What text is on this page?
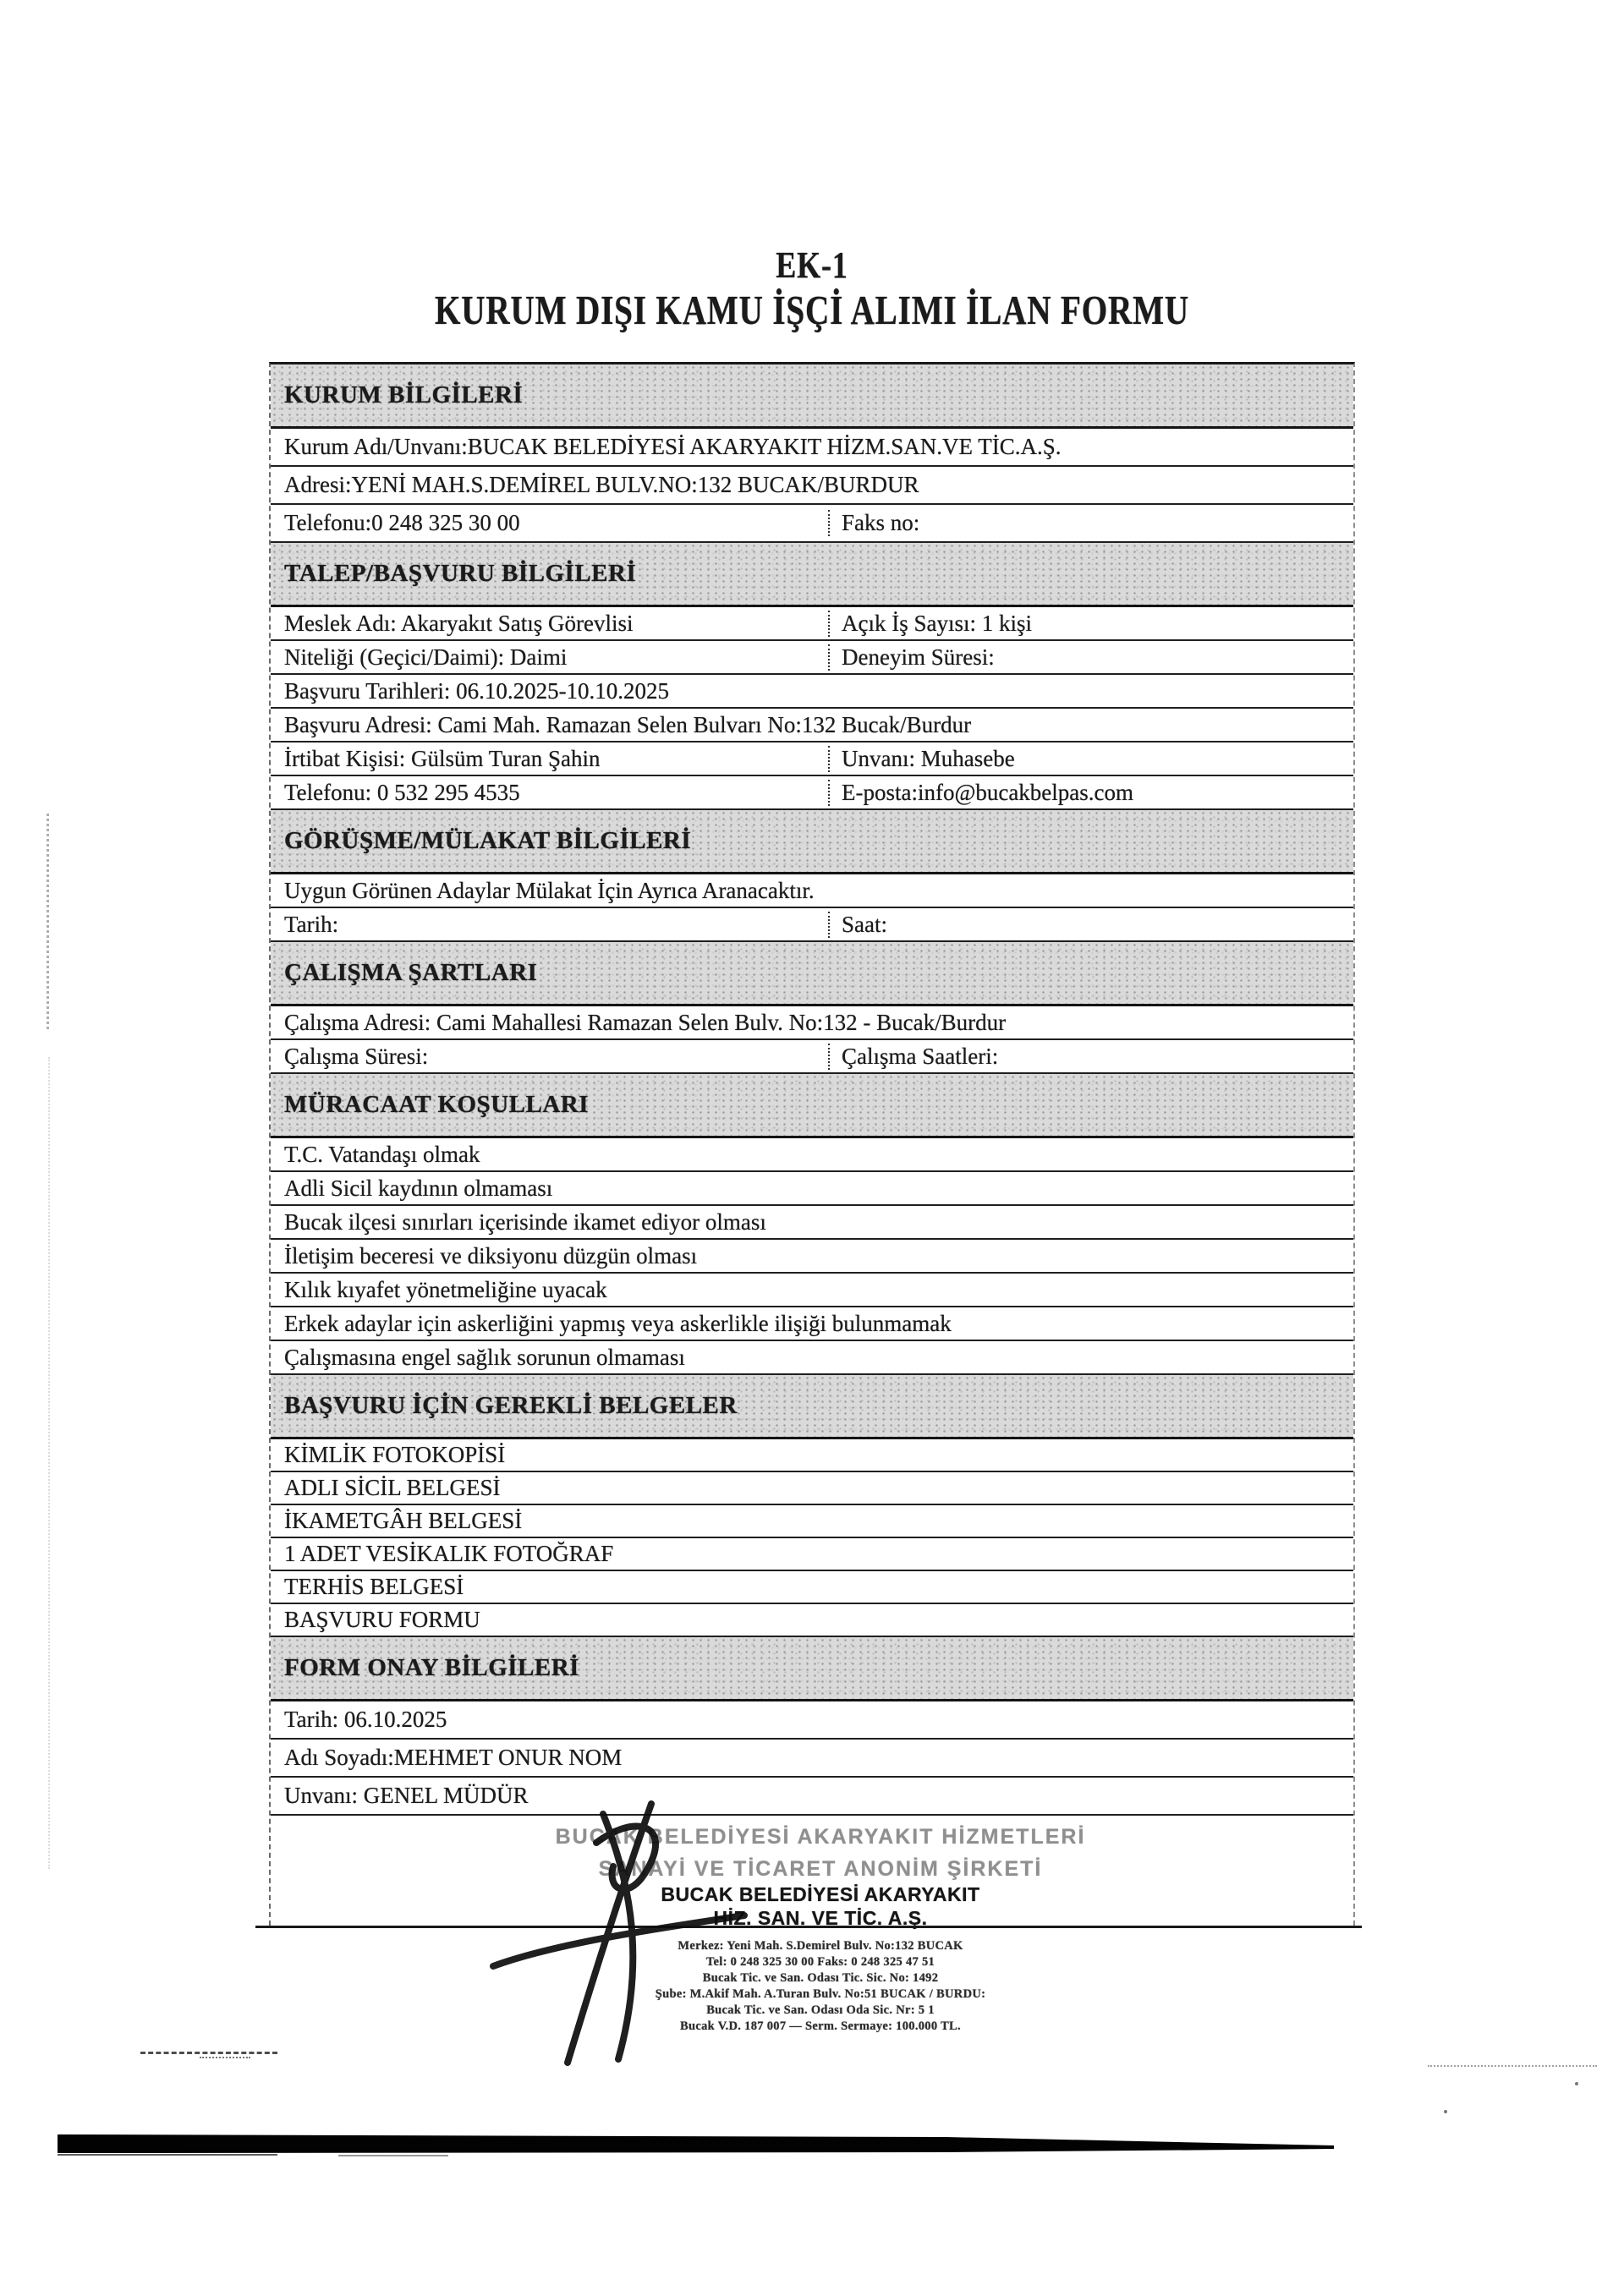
EK-1
KURUM DIŞI KAMU İŞÇİ ALIMI İLAN FORMU
KURUM BİLGİLERİ
Kurum Adı/Unvanı:BUCAK BELEDİYESİ AKARYAKIT HİZM.SAN.VE TİC.A.Ş.
Adresi:YENİ MAH.S.DEMİREL BULV.NO:132 BUCAK/BURDUR
Telefonu:0 248 325 30 00	Faks no:
TALEP/BAŞVURU BİLGİLERİ
Meslek Adı: Akaryakıt Satış Görevlisi	Açık İş Sayısı: 1 kişi
Niteliği (Geçici/Daimi): Daimi	Deneyim Süresi:
Başvuru Tarihleri: 06.10.2025-10.10.2025
Başvuru Adresi: Cami Mah. Ramazan Selen Bulvarı No:132 Bucak/Burdur
İrtibat Kişisi: Gülsüm Turan Şahin	Unvanı: Muhasebe
Telefonu: 0 532 295 4535	E-posta:info@bucakbelpas.com
GÖRÜŞME/MÜLAKAT BİLGİLERİ
Uygun Görünen Adaylar Mülakat İçin Ayrıca Aranacaktır.
Tarih:	Saat:
ÇALIŞMA ŞARTLARI
Çalışma Adresi: Cami Mahallesi Ramazan Selen Bulv. No:132 - Bucak/Burdur
Çalışma Süresi:	Çalışma Saatleri:
MÜRACAAT KOŞULLARI
T.C. Vatandaşı olmak
Adli Sicil kaydının olmaması
Bucak ilçesi sınırları içerisinde ikamet ediyor olması
İletişim beceresi ve diksiyonu düzgün olması
Kılık kıyafet yönetmeliğine uyacak
Erkek adaylar için askerliğini yapmış veya askerlikle ilişiği bulunmamak
Çalışmasına engel sağlık sorunun olmaması
BAŞVURU İÇİN GEREKLİ BELGELER
KİMLİK FOTOKOPİSİ
ADLI SİCİL BELGESİ
İKAMETGÂH BELGESİ
1 ADET VESİKALIK FOTOĞRAF
TERHİS BELGESİ
BAŞVURU FORMU
FORM ONAY BİLGİLERİ
Tarih: 06.10.2025
Adı Soyadı:MEHMET ONUR NOM
Unvanı: GENEL MÜDÜR
BUCAK BELEDİYESİ AKARYAKIT HİZMETLERİ
SANAYİ VE TİCARET ANONİM ŞİRKETİ
BUCAK BELEDİYESİ AKARYAKIT
HİZ. SAN. VE TİC. A.Ş.
Merkez: Yeni Mah. S.Demirel Bulv. No:132 BUCAK
Tel: 0 248 325 30 00 Faks: 0 248 325 47 51
Bucak Tic. ve San. Odası Tic. Sic. No: 1492
Şube: M.Akif Mah. A.Turan Bulv. No:51 BUCAK / BURDU:
Bucak Tic. ve San. Odası Oda Sic. Nr: 5 1
Bucak V.D. 187 007 — Serm. Sermaye: 100.000 TL.
